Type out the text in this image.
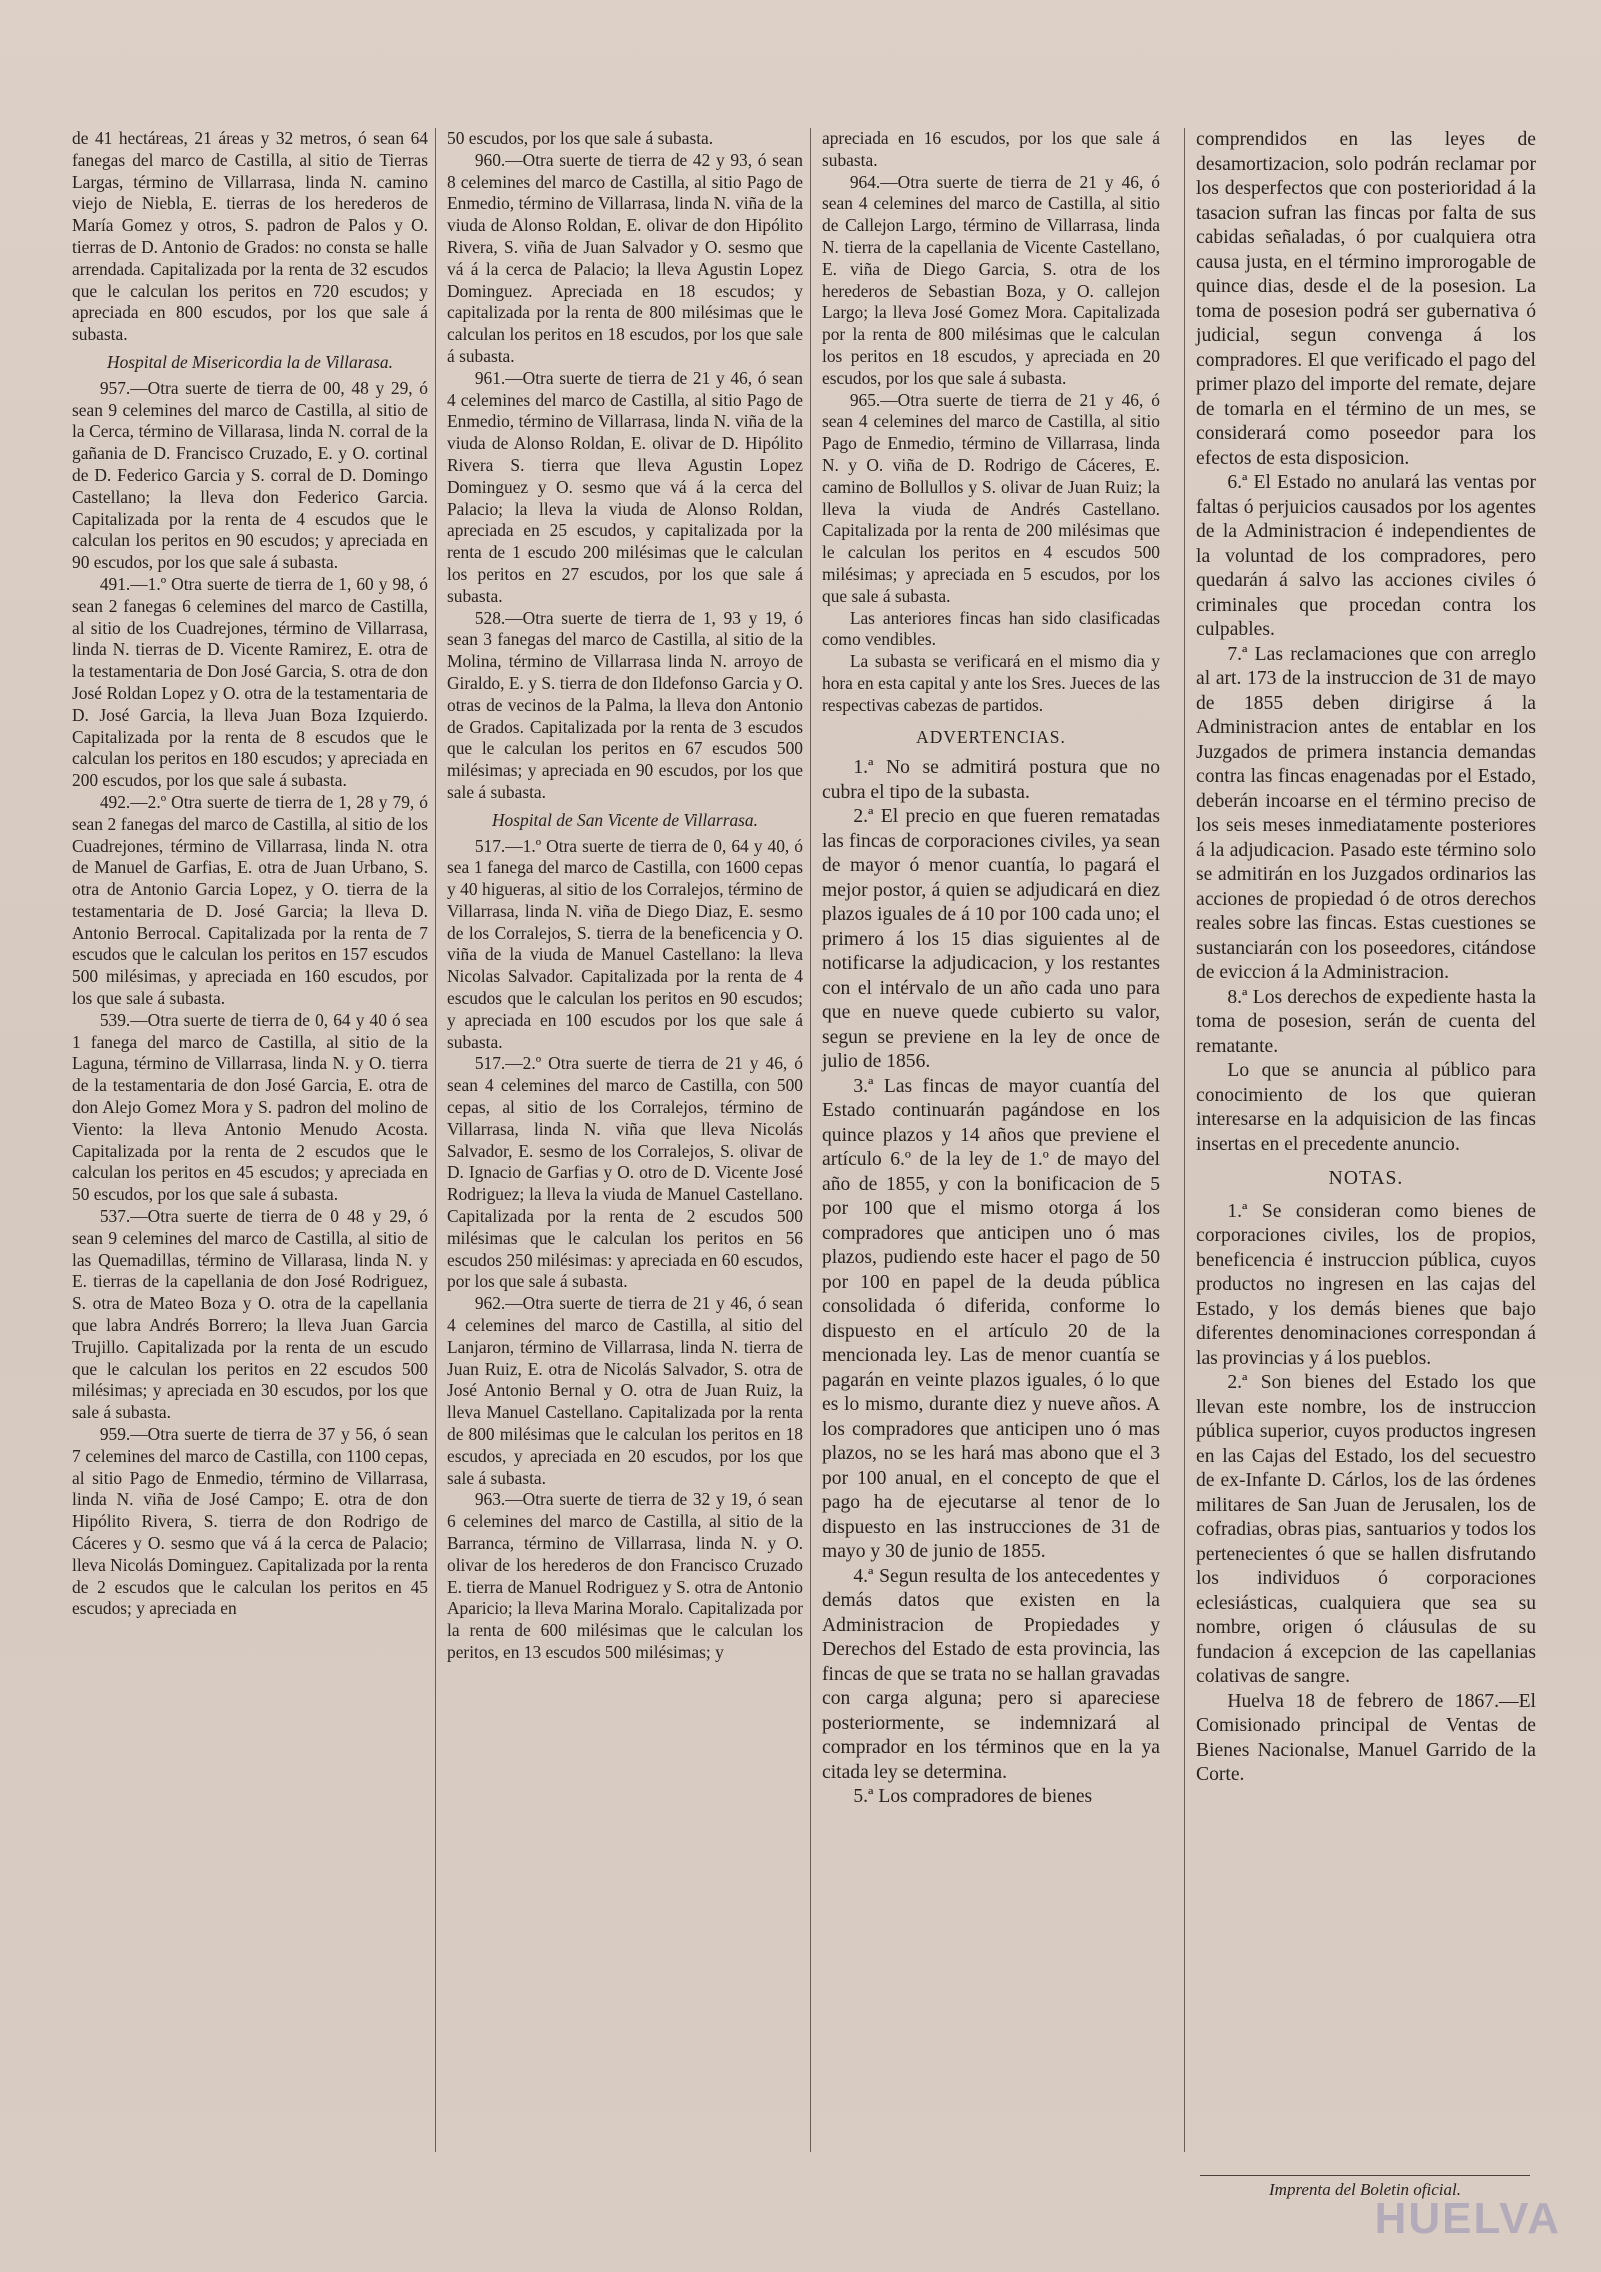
de 41 hectáreas, 21 áreas y 32 metros, ó sean 64 fanegas del marco de Castilla, al sitio de Tierras Largas, término de Villarrasa, linda N. camino viejo de Niebla, E. tierras de los herederos de María Gomez y otros, S. padron de Palos y O. tierras de D. Antonio de Grados: no consta se halle arrendada. Capitalizada por la renta de 32 escudos que le calculan los peritos en 720 escudos; y apreciada en 800 escudos, por los que sale á subasta.

Hospital de Misericordia la de Villarasa.

957.—Otra suerte de tierra de 00, 48 y 29, ó sean 9 celemines del marco de Castilla, al sitio de la Cerca, término de Villarasa, linda N. corral de la gañania de D. Francisco Cruzado, E. y O. cortinal de D. Federico Garcia y S. corral de D. Domingo Castellano; la lleva don Federico Garcia. Capitalizada por la renta de 4 escudos que le calculan los peritos en 90 escudos; y apreciada en 90 escudos, por los que sale á subasta.

491.—1.º Otra suerte de tierra de 1, 60 y 98, ó sean 2 fanegas 6 celemines del marco de Castilla, al sitio de los Cuadrejones, término de Villarrasa, linda N. tierras de D. Vicente Ramirez, E. otra de la testamentaria de Don José Garcia, S. otra de don José Roldan Lopez y O. otra de la testamentaria de D. José Garcia, la lleva Juan Boza Izquierdo. Capitalizada por la renta de 8 escudos que le calculan los peritos en 180 escudos; y apreciada en 200 escudos, por los que sale á subasta.

492.—2.º Otra suerte de tierra de 1, 28 y 79, ó sean 2 fanegas del marco de Castilla, al sitio de los Cuadrejones, término de Villarrasa, linda N. otra de Manuel de Garfias, E. otra de Juan Urbano, S. otra de Antonio Garcia Lopez, y O. tierra de la testamentaria de D. José Garcia; la lleva D. Antonio Berrocal. Capitalizada por la renta de 7 escudos que le calculan los peritos en 157 escudos 500 milésimas, y apreciada en 160 escudos, por los que sale á subasta.

539.—Otra suerte de tierra de 0, 64 y 40 ó sea 1 fanega del marco de Castilla, al sitio de la Laguna, término de Villarrasa, linda N. y O. tierra de la testamentaria de don José Garcia, E. otra de don Alejo Gomez Mora y S. padron del molino de Viento: la lleva Antonio Menudo Acosta. Capitalizada por la renta de 2 escudos que le calculan los peritos en 45 escudos; y apreciada en 50 escudos, por los que sale á subasta.

537.—Otra suerte de tierra de 0 48 y 29, ó sean 9 celemines del marco de Castilla, al sitio de las Quemadillas, término de Villarasa, linda N. y E. tierras de la capellania de don José Rodriguez, S. otra de Mateo Boza y O. otra de la capellania que labra Andrés Borrero; la lleva Juan Garcia Trujillo. Capitalizada por la renta de un escudo que le calculan los peritos en 22 escudos 500 milésimas; y apreciada en 30 escudos, por los que sale á subasta.

959.—Otra suerte de tierra de 37 y 56, ó sean 7 celemines del marco de Castilla, con 1100 cepas, al sitio Pago de Enmedio, término de Villarrasa, linda N. viña de José Campo; E. otra de don Hipólito Rivera, S. tierra de don Rodrigo de Cáceres y O. sesmo que vá á la cerca de Palacio; lleva Nicolás Dominguez. Capitalizada por la renta de 2 escudos que le calculan los peritos en 45 escudos; y apreciada en

50 escudos, por los que sale á subasta.

960.—Otra suerte de tierra de 42 y 93, ó sean 8 celemines del marco de Castilla, al sitio Pago de Enmedio, término de Villarrasa, linda N. viña de la viuda de Alonso Roldan, E. olivar de don Hipólito Rivera, S. viña de Juan Salvador y O. sesmo que vá á la cerca de Palacio; la lleva Agustin Lopez Dominguez. Apreciada en 18 escudos; y capitalizada por la renta de 800 milésimas que le calculan los peritos en 18 escudos, por los que sale á subasta.

961.—Otra suerte de tierra de 21 y 46, ó sean 4 celemines del marco de Castilla, al sitio Pago de Enmedio, término de Villarrasa, linda N. viña de la viuda de Alonso Roldan, E. olivar de D. Hipólito Rivera S. tierra que lleva Agustin Lopez Dominguez y O. sesmo que vá á la cerca del Palacio; la lleva la viuda de Alonso Roldan, apreciada en 25 escudos, y capitalizada por la renta de 1 escudo 200 milésimas que le calculan los peritos en 27 escudos, por los que sale á subasta.

528.—Otra suerte de tierra de 1, 93 y 19, ó sean 3 fanegas del marco de Castilla, al sitio de la Molina, término de Villarrasa linda N. arroyo de Giraldo, E. y S. tierra de don Ildefonso Garcia y O. otras de vecinos de la Palma, la lleva don Antonio de Grados. Capitalizada por la renta de 3 escudos que le calculan los peritos en 67 escudos 500 milésimas; y apreciada en 90 escudos, por los que sale á subasta.

Hospital de San Vicente de Villarrasa.

517.—1.º Otra suerte de tierra de 0, 64 y 40, ó sea 1 fanega del marco de Castilla, con 1600 cepas y 40 higueras, al sitio de los Corralejos, término de Villarrasa, linda N. viña de Diego Diaz, E. sesmo de los Corralejos, S. tierra de la beneficencia y O. viña de la viuda de Manuel Castellano: la lleva Nicolas Salvador. Capitalizada por la renta de 4 escudos que le calculan los peritos en 90 escudos; y apreciada en 100 escudos por los que sale á subasta.

517.—2.º Otra suerte de tierra de 21 y 46, ó sean 4 celemines del marco de Castilla, con 500 cepas, al sitio de los Corralejos, término de Villarrasa, linda N. viña que lleva Nicolás Salvador, E. sesmo de los Corralejos, S. olivar de D. Ignacio de Garfias y O. otro de D. Vicente José Rodriguez; la lleva la viuda de Manuel Castellano. Capitalizada por la renta de 2 escudos 500 milésimas que le calculan los peritos en 56 escudos 250 milésimas: y apreciada en 60 escudos, por los que sale á subasta.

962.—Otra suerte de tierra de 21 y 46, ó sean 4 celemines del marco de Castilla, al sitio del Lanjaron, término de Villarrasa, linda N. tierra de Juan Ruiz, E. otra de Nicolás Salvador, S. otra de José Antonio Bernal y O. otra de Juan Ruiz, la lleva Manuel Castellano. Capitalizada por la renta de 800 milésimas que le calculan los peritos en 18 escudos, y apreciada en 20 escudos, por los que sale á subasta.

963.—Otra suerte de tierra de 32 y 19, ó sean 6 celemines del marco de Castilla, al sitio de la Barranca, término de Villarrasa, linda N. y O. olivar de los herederos de don Francisco Cruzado E. tierra de Manuel Rodriguez y S. otra de Antonio Aparicio; la lleva Marina Moralo. Capitalizada por la renta de 600 milésimas que le calculan los peritos, en 13 escudos 500 milésimas; y

apreciada en 16 escudos, por los que sale á subasta.

964.—Otra suerte de tierra de 21 y 46, ó sean 4 celemines del marco de Castilla, al sitio de Callejon Largo, término de Villarrasa, linda N. tierra de la capellania de Vicente Castellano, E. viña de Diego Garcia, S. otra de los herederos de Sebastian Boza, y O. callejon Largo; la lleva José Gomez Mora. Capitalizada por la renta de 800 milésimas que le calculan los peritos en 18 escudos, y apreciada en 20 escudos, por los que sale á subasta.

965.—Otra suerte de tierra de 21 y 46, ó sean 4 celemines del marco de Castilla, al sitio Pago de Enmedio, término de Villarrasa, linda N. y O. viña de D. Rodrigo de Cáceres, E. camino de Bollullos y S. olivar de Juan Ruiz; la lleva la viuda de Andrés Castellano. Capitalizada por la renta de 200 milésimas que le calculan los peritos en 4 escudos 500 milésimas; y apreciada en 5 escudos, por los que sale á subasta.

Las anteriores fincas han sido clasificadas como vendibles.

La subasta se verificará en el mismo dia y hora en esta capital y ante los Sres. Jueces de las respectivas cabezas de partidos.

ADVERTENCIAS.

1.ª No se admitirá postura que no cubra el tipo de la subasta.

2.ª El precio en que fueren rematadas las fincas de corporaciones civiles, ya sean de mayor ó menor cuantía, lo pagará el mejor postor, á quien se adjudicará en diez plazos iguales de á 10 por 100 cada uno; el primero á los 15 dias siguientes al de notificarse la adjudicacion, y los restantes con el intérvalo de un año cada uno para que en nueve quede cubierto su valor, segun se previene en la ley de once de julio de 1856.

3.ª Las fincas de mayor cuantía del Estado continuarán pagándose en los quince plazos y 14 años que previene el artículo 6.º de la ley de 1.º de mayo del año de 1855, y con la bonificacion de 5 por 100 que el mismo otorga á los compradores que anticipen uno ó mas plazos, pudiendo este hacer el pago de 50 por 100 en papel de la deuda pública consolidada ó diferida, conforme lo dispuesto en el artículo 20 de la mencionada ley. Las de menor cuantía se pagarán en veinte plazos iguales, ó lo que es lo mismo, durante diez y nueve años. A los compradores que anticipen uno ó mas plazos, no se les hará mas abono que el 3 por 100 anual, en el concepto de que el pago ha de ejecutarse al tenor de lo dispuesto en las instrucciones de 31 de mayo y 30 de junio de 1855.

4.ª Segun resulta de los antecedentes y demás datos que existen en la Administracion de Propiedades y Derechos del Estado de esta provincia, las fincas de que se trata no se hallan gravadas con carga alguna; pero si apareciese posteriormente, se indemnizará al comprador en los términos que en la ya citada ley se determina.

5.ª Los compradores de bienes

comprendidos en las leyes de desamortizacion, solo podrán reclamar por los desperfectos que con posterioridad á la tasacion sufran las fincas por falta de sus cabidas señaladas, ó por cualquiera otra causa justa, en el término improrogable de quince dias, desde el de la posesion. La toma de posesion podrá ser gubernativa ó judicial, segun convenga á los compradores. El que verificado el pago del primer plazo del importe del remate, dejare de tomarla en el término de un mes, se considerará como poseedor para los efectos de esta disposicion.

6.ª El Estado no anulará las ventas por faltas ó perjuicios causados por los agentes de la Administracion é independientes de la voluntad de los compradores, pero quedarán á salvo las acciones civiles ó criminales que procedan contra los culpables.

7.ª Las reclamaciones que con arreglo al art. 173 de la instruccion de 31 de mayo de 1855 deben dirigirse á la Administracion antes de entablar en los Juzgados de primera instancia demandas contra las fincas enagenadas por el Estado, deberán incoarse en el término preciso de los seis meses inmediatamente posteriores á la adjudicacion. Pasado este término solo se admitirán en los Juzgados ordinarios las acciones de propiedad ó de otros derechos reales sobre las fincas. Estas cuestiones se sustanciarán con los poseedores, citándose de eviccion á la Administracion.

8.ª Los derechos de expediente hasta la toma de posesion, serán de cuenta del rematante.

Lo que se anuncia al público para conocimiento de los que quieran interesarse en la adquisicion de las fincas insertas en el precedente anuncio.

NOTAS.

1.ª Se consideran como bienes de corporaciones civiles, los de propios, beneficencia é instruccion pública, cuyos productos no ingresen en las cajas del Estado, y los demás bienes que bajo diferentes denominaciones correspondan á las provincias y á los pueblos.

2.ª Son bienes del Estado los que llevan este nombre, los de instruccion pública superior, cuyos productos ingresen en las Cajas del Estado, los del secuestro de ex-Infante D. Cárlos, los de las órdenes militares de San Juan de Jerusalen, los de cofradias, obras pias, santuarios y todos los pertenecientes ó que se hallen disfrutando los individuos ó corporaciones eclesiásticas, cualquiera que sea su nombre, origen ó cláusulas de su fundacion á excepcion de las capellanias colativas de sangre.

Huelva 18 de febrero de 1867.—El Comisionado principal de Ventas de Bienes Nacionalse, Manuel Garrido de la Corte.

Imprenta del Boletin oficial.
HUELVA
